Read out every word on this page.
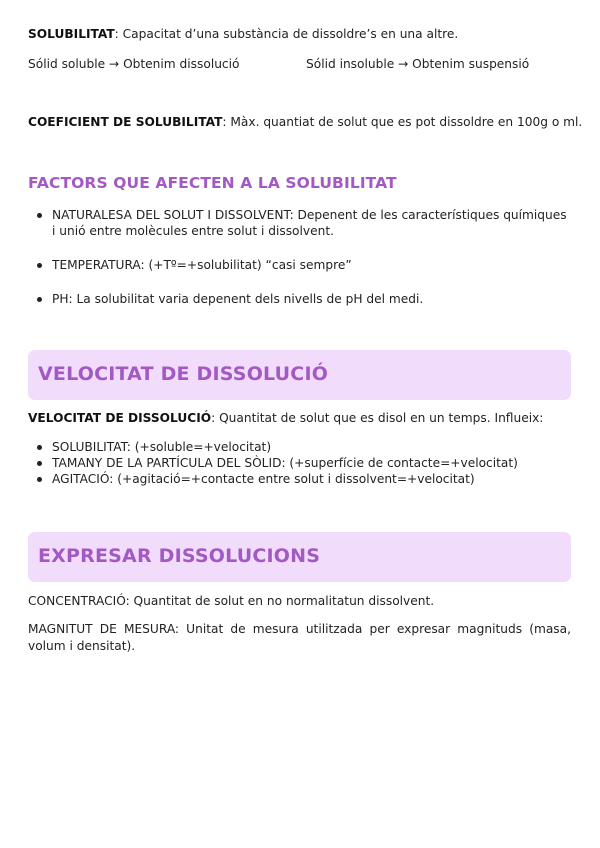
SOLUBILITAT: Capacitat d’una substància de dissoldre’s en una altre.
Sólid soluble → Obtenim dissolució	Sólid insoluble → Obtenim suspensió
COEFICIENT DE SOLUBILITAT: Màx. quantiat de solut que es pot dissoldre en 100g o ml.
FACTORS QUE AFECTEN A LA SOLUBILITAT
NATURALESA DEL SOLUT I DISSOLVENT: Depenent de les característiques químiques i unió entre molècules entre solut i dissolvent.
TEMPERATURA: (+Tº=+solubilitat) “casi sempre”
PH: La solubilitat varia depenent dels nivells de pH del medi.
VELOCITAT DE DISSOLUCIÓ
VELOCITAT DE DISSOLUCIÓ: Quantitat de solut que es disol en un temps. Influeix:
SOLUBILITAT: (+soluble=+velocitat)
TAMANY DE LA PARTÍCULA DEL SÒLID: (+superfície de contacte=+velocitat)
AGITACIÓ: (+agitació=+contacte entre solut i dissolvent=+velocitat)
EXPRESAR DISSOLUCIONS
CONCENTRACIÓ: Quantitat de solut en no normalitatun dissolvent.
MAGNITUT DE MESURA: Unitat de mesura utilitzada per expresar magnituds (masa, volum i densitat).
